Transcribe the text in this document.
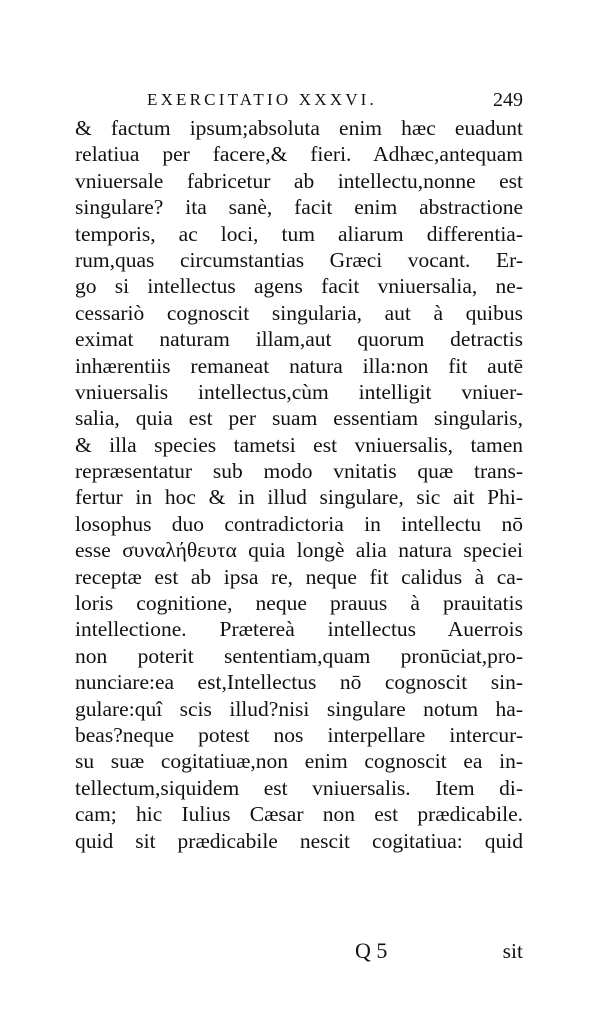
EXERCITATIO XXXVI.	249
& factum ipsum;absoluta enim hæc euadunt
relatiua per facere,& fieri. Adhæc,antequam
vniuersale fabricetur ab intellectu,nonne est
singulare? ita sanè, facit enim abstractione
temporis, ac loci, tum aliarum differentia-
rum,quas circumstantias Græci vocant. Er-
go si intellectus agens facit vniuersalia, ne-
cessariò cognoscit singularia, aut à quibus
eximat naturam illam,aut quorum detractis
inhærentiis remaneat natura illa:non fit autē
vniuersalis intellectus,cùm intelligit vniuer-
salia, quia est per suam essentiam singularis,
& illa species tametsi est vniuersalis, tamen
repræsentatur sub modo vnitatis quæ trans-
fertur in hoc & in illud singulare, sic ait Phi-
losophus duo contradictoria in intellectu nō
esse συναλήθευτα quia longè alia natura speciei
receptæ est ab ipsa re, neque fit calidus à ca-
loris cognitione, neque prauus à prauitatis
intellectione. Prætereà intellectus Auerrois
non poterit sententiam,quam pronūciat,pro-
nunciare:ea est,Intellectus nō cognoscit sin-
gulare:quî scis illud?nisi singulare notum ha-
beas?neque potest nos interpellare intercur-
su suæ cogitatiuæ,non enim cognoscit ea in-
tellectum,siquidem est vniuersalis. Item di-
cam; hic Iulius Cæsar non est prædicabile.
quid sit prædicabile nescit cogitatiua: quid
Q 5	sit
